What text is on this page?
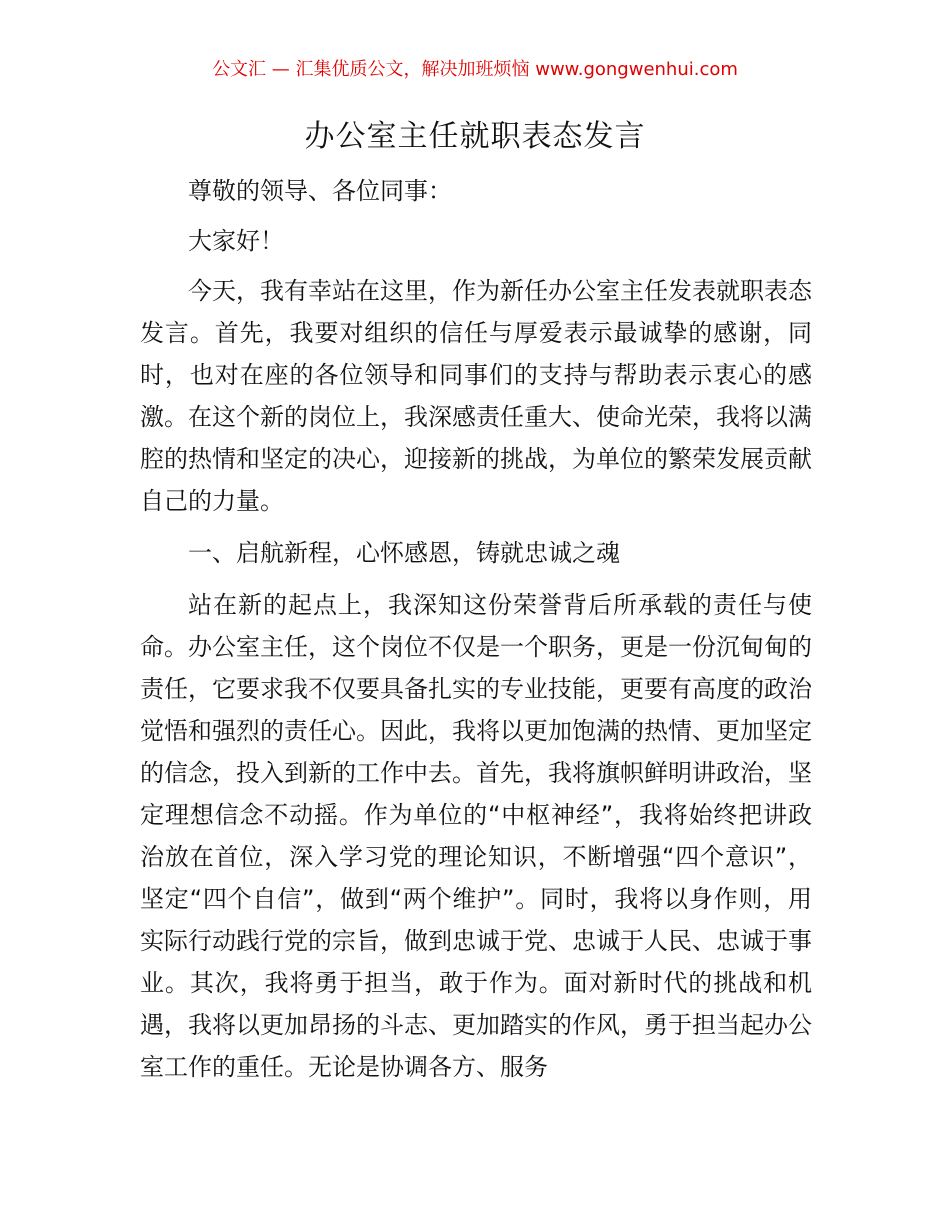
公文汇 — 汇集优质公文，解决加班烦恼 www.gongwenhui.com
办公室主任就职表态发言

尊敬的领导、各位同事：

大家好！

今天，我有幸站在这里，作为新任办公室主任发表就职表态发言。首先，我要对组织的信任与厚爱表示最诚挚的感谢，同时，也对在座的各位领导和同事们的支持与帮助表示衷心的感激。在这个新的岗位上，我深感责任重大、使命光荣，我将以满腔的热情和坚定的决心，迎接新的挑战，为单位的繁荣发展贡献自己的力量。

一、启航新程，心怀感恩，铸就忠诚之魂

站在新的起点上，我深知这份荣誉背后所承载的责任与使命。办公室主任，这个岗位不仅是一个职务，更是一份沉甸甸的责任，它要求我不仅要具备扎实的专业技能，更要有高度的政治觉悟和强烈的责任心。因此，我将以更加饱满的热情、更加坚定的信念，投入到新的工作中去。首先，我将旗帜鲜明讲政治，坚定理想信念不动摇。作为单位的“中枢神经”，我将始终把讲政治放在首位，深入学习党的理论知识，不断增强“四个意识”，坚定“四个自信”，做到“两个维护”。同时，我将以身作则，用实际行动践行党的宗旨，做到忠诚于党、忠诚于人民、忠诚于事业。其次，我将勇于担当，敢于作为。面对新时代的挑战和机遇，我将以更加昂扬的斗志、更加踏实的作风，勇于担当起办公室工作的重任。无论是协调各方、服务
